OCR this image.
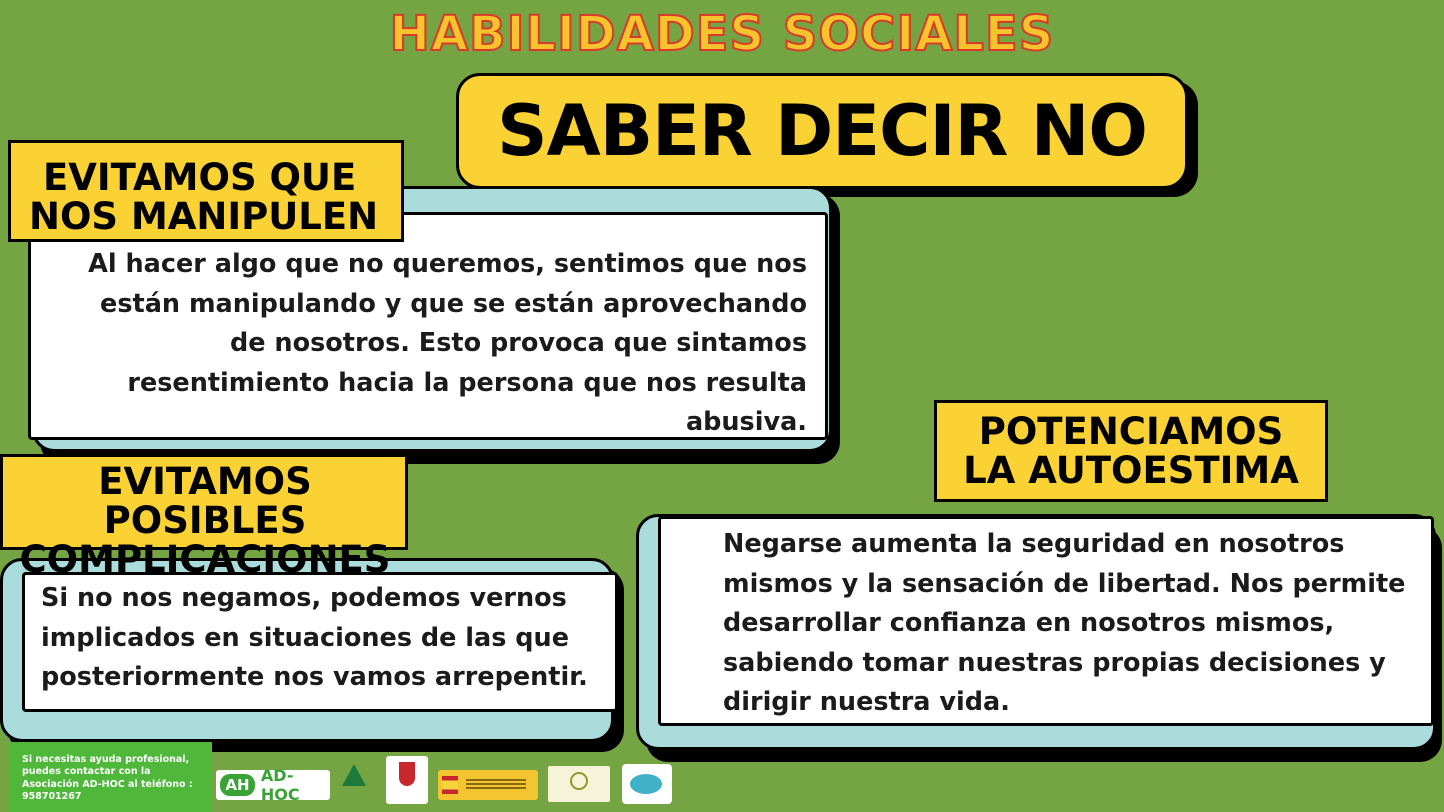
HABILIDADES SOCIALES
SABER DECIR NO
Al hacer algo que no queremos, sentimos que nos están manipulando y que se están aprovechando de nosotros. Esto provoca que sintamos resentimiento hacia la persona que nos resulta abusiva.
EVITAMOS QUE
NOS MANIPULEN
Si no nos negamos, podemos vernos
implicados en situaciones de las que
posteriormente nos vamos arrepentir.
EVITAMOS POSIBLES
COMPLICACIONES	Negarse aumenta la seguridad en nosotros mismos y la sensación de libertad. Nos permite desarrollar confianza en nosotros mismos, sabiendo tomar nuestras propias decisiones y dirigir nuestra vida.
POTENCIAMOS
LA AUTOESTIMA
Si necesitas ayuda profesional,
puedes contactar con la
Asociación AD-HOC al teléfono :
958701267
AH AD-HOC
